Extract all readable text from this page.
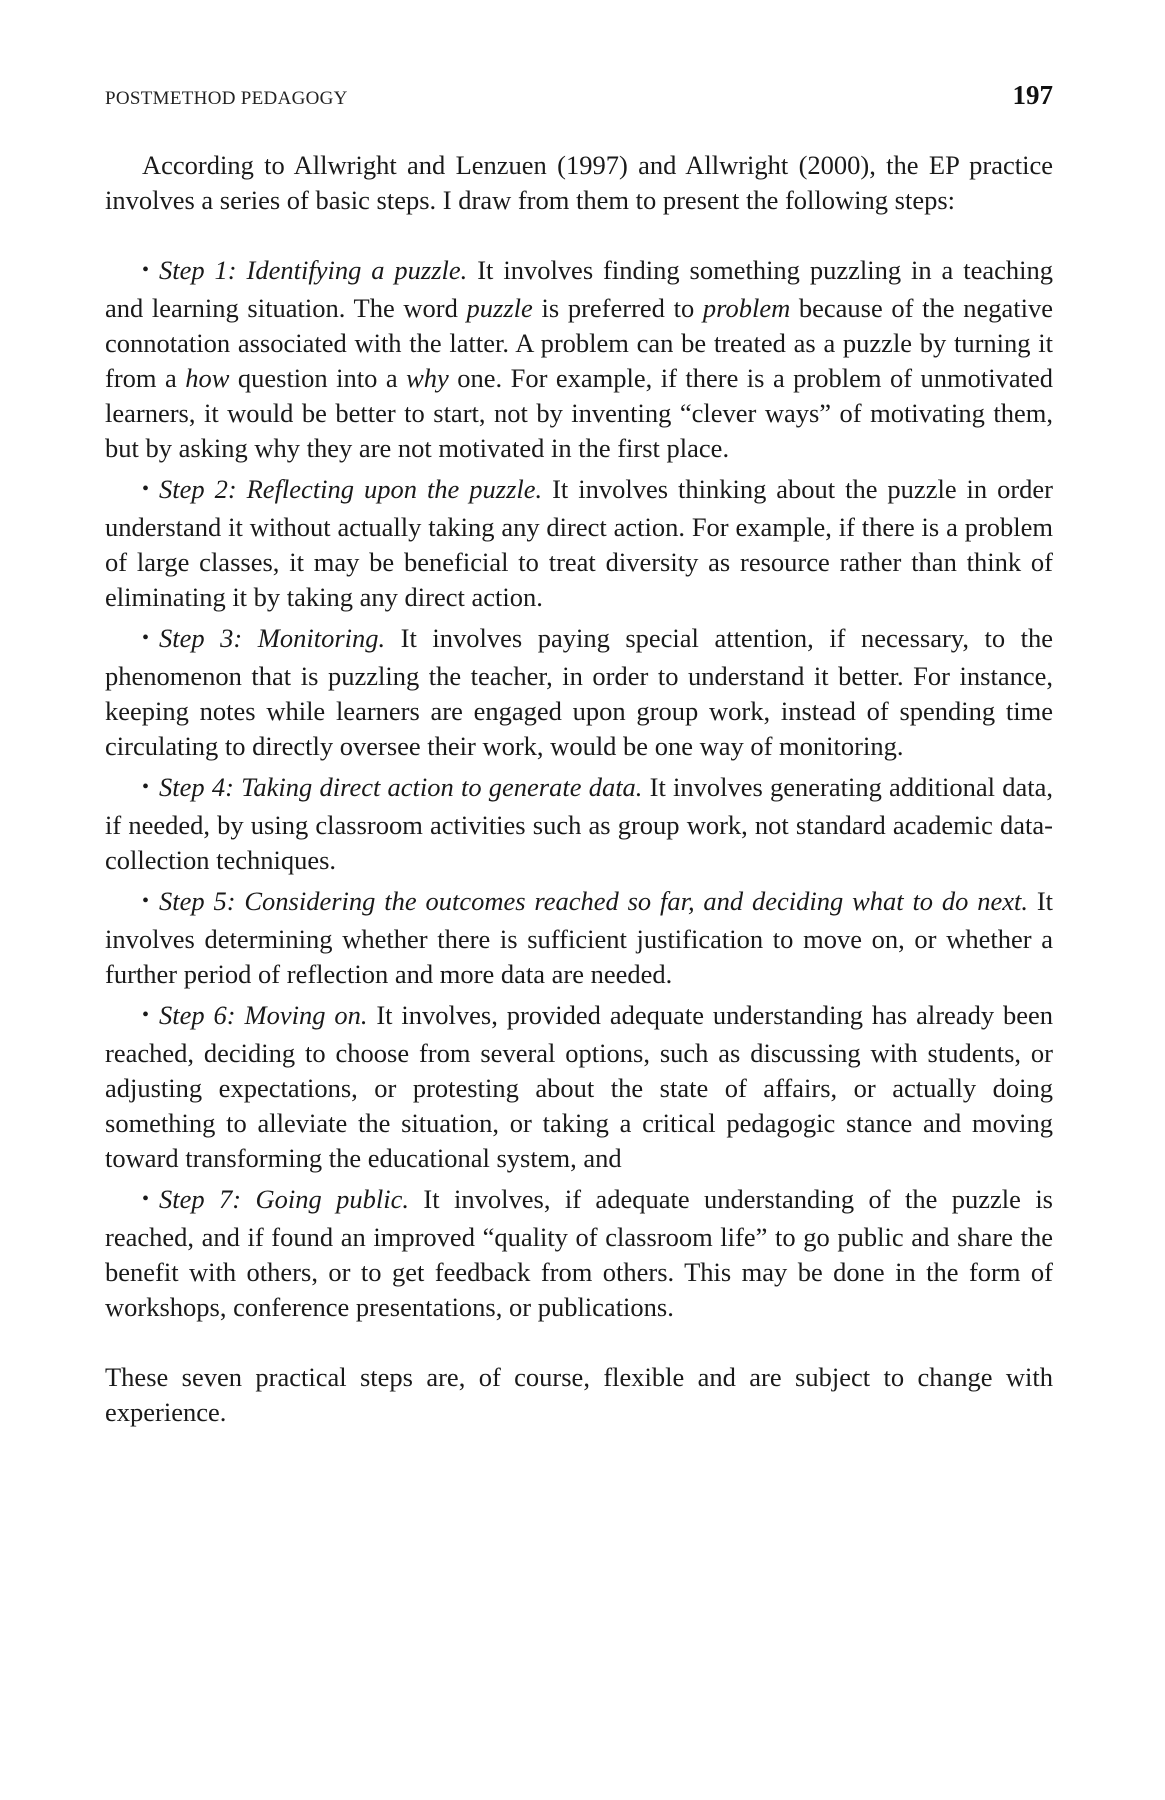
POSTMETHOD PEDAGOGY	197

According to Allwright and Lenzuen (1997) and Allwright (2000), the EP practice involves a series of basic steps. I draw from them to present the following steps:

• Step 1: Identifying a puzzle. It involves finding something puzzling in a teaching and learning situation. The word puzzle is preferred to problem because of the negative connotation associated with the latter. A problem can be treated as a puzzle by turning it from a how question into a why one. For example, if there is a problem of unmotivated learners, it would be better to start, not by inventing “clever ways” of motivating them, but by asking why they are not motivated in the first place.
• Step 2: Reflecting upon the puzzle. It involves thinking about the puzzle in order understand it without actually taking any direct action. For example, if there is a problem of large classes, it may be beneficial to treat diversity as resource rather than think of eliminating it by taking any direct action.
• Step 3: Monitoring. It involves paying special attention, if necessary, to the phenomenon that is puzzling the teacher, in order to understand it better. For instance, keeping notes while learners are engaged upon group work, instead of spending time circulating to directly oversee their work, would be one way of monitoring.
• Step 4: Taking direct action to generate data. It involves generating additional data, if needed, by using classroom activities such as group work, not standard academic data-collection techniques.
• Step 5: Considering the outcomes reached so far, and deciding what to do next. It involves determining whether there is sufficient justification to move on, or whether a further period of reflection and more data are needed.
• Step 6: Moving on. It involves, provided adequate understanding has already been reached, deciding to choose from several options, such as discussing with students, or adjusting expectations, or protesting about the state of affairs, or actually doing something to alleviate the situation, or taking a critical pedagogic stance and moving toward transforming the educational system, and
• Step 7: Going public. It involves, if adequate understanding of the puzzle is reached, and if found an improved “quality of classroom life” to go public and share the benefit with others, or to get feedback from others. This may be done in the form of workshops, conference presentations, or publications.

These seven practical steps are, of course, flexible and are subject to change with experience.
